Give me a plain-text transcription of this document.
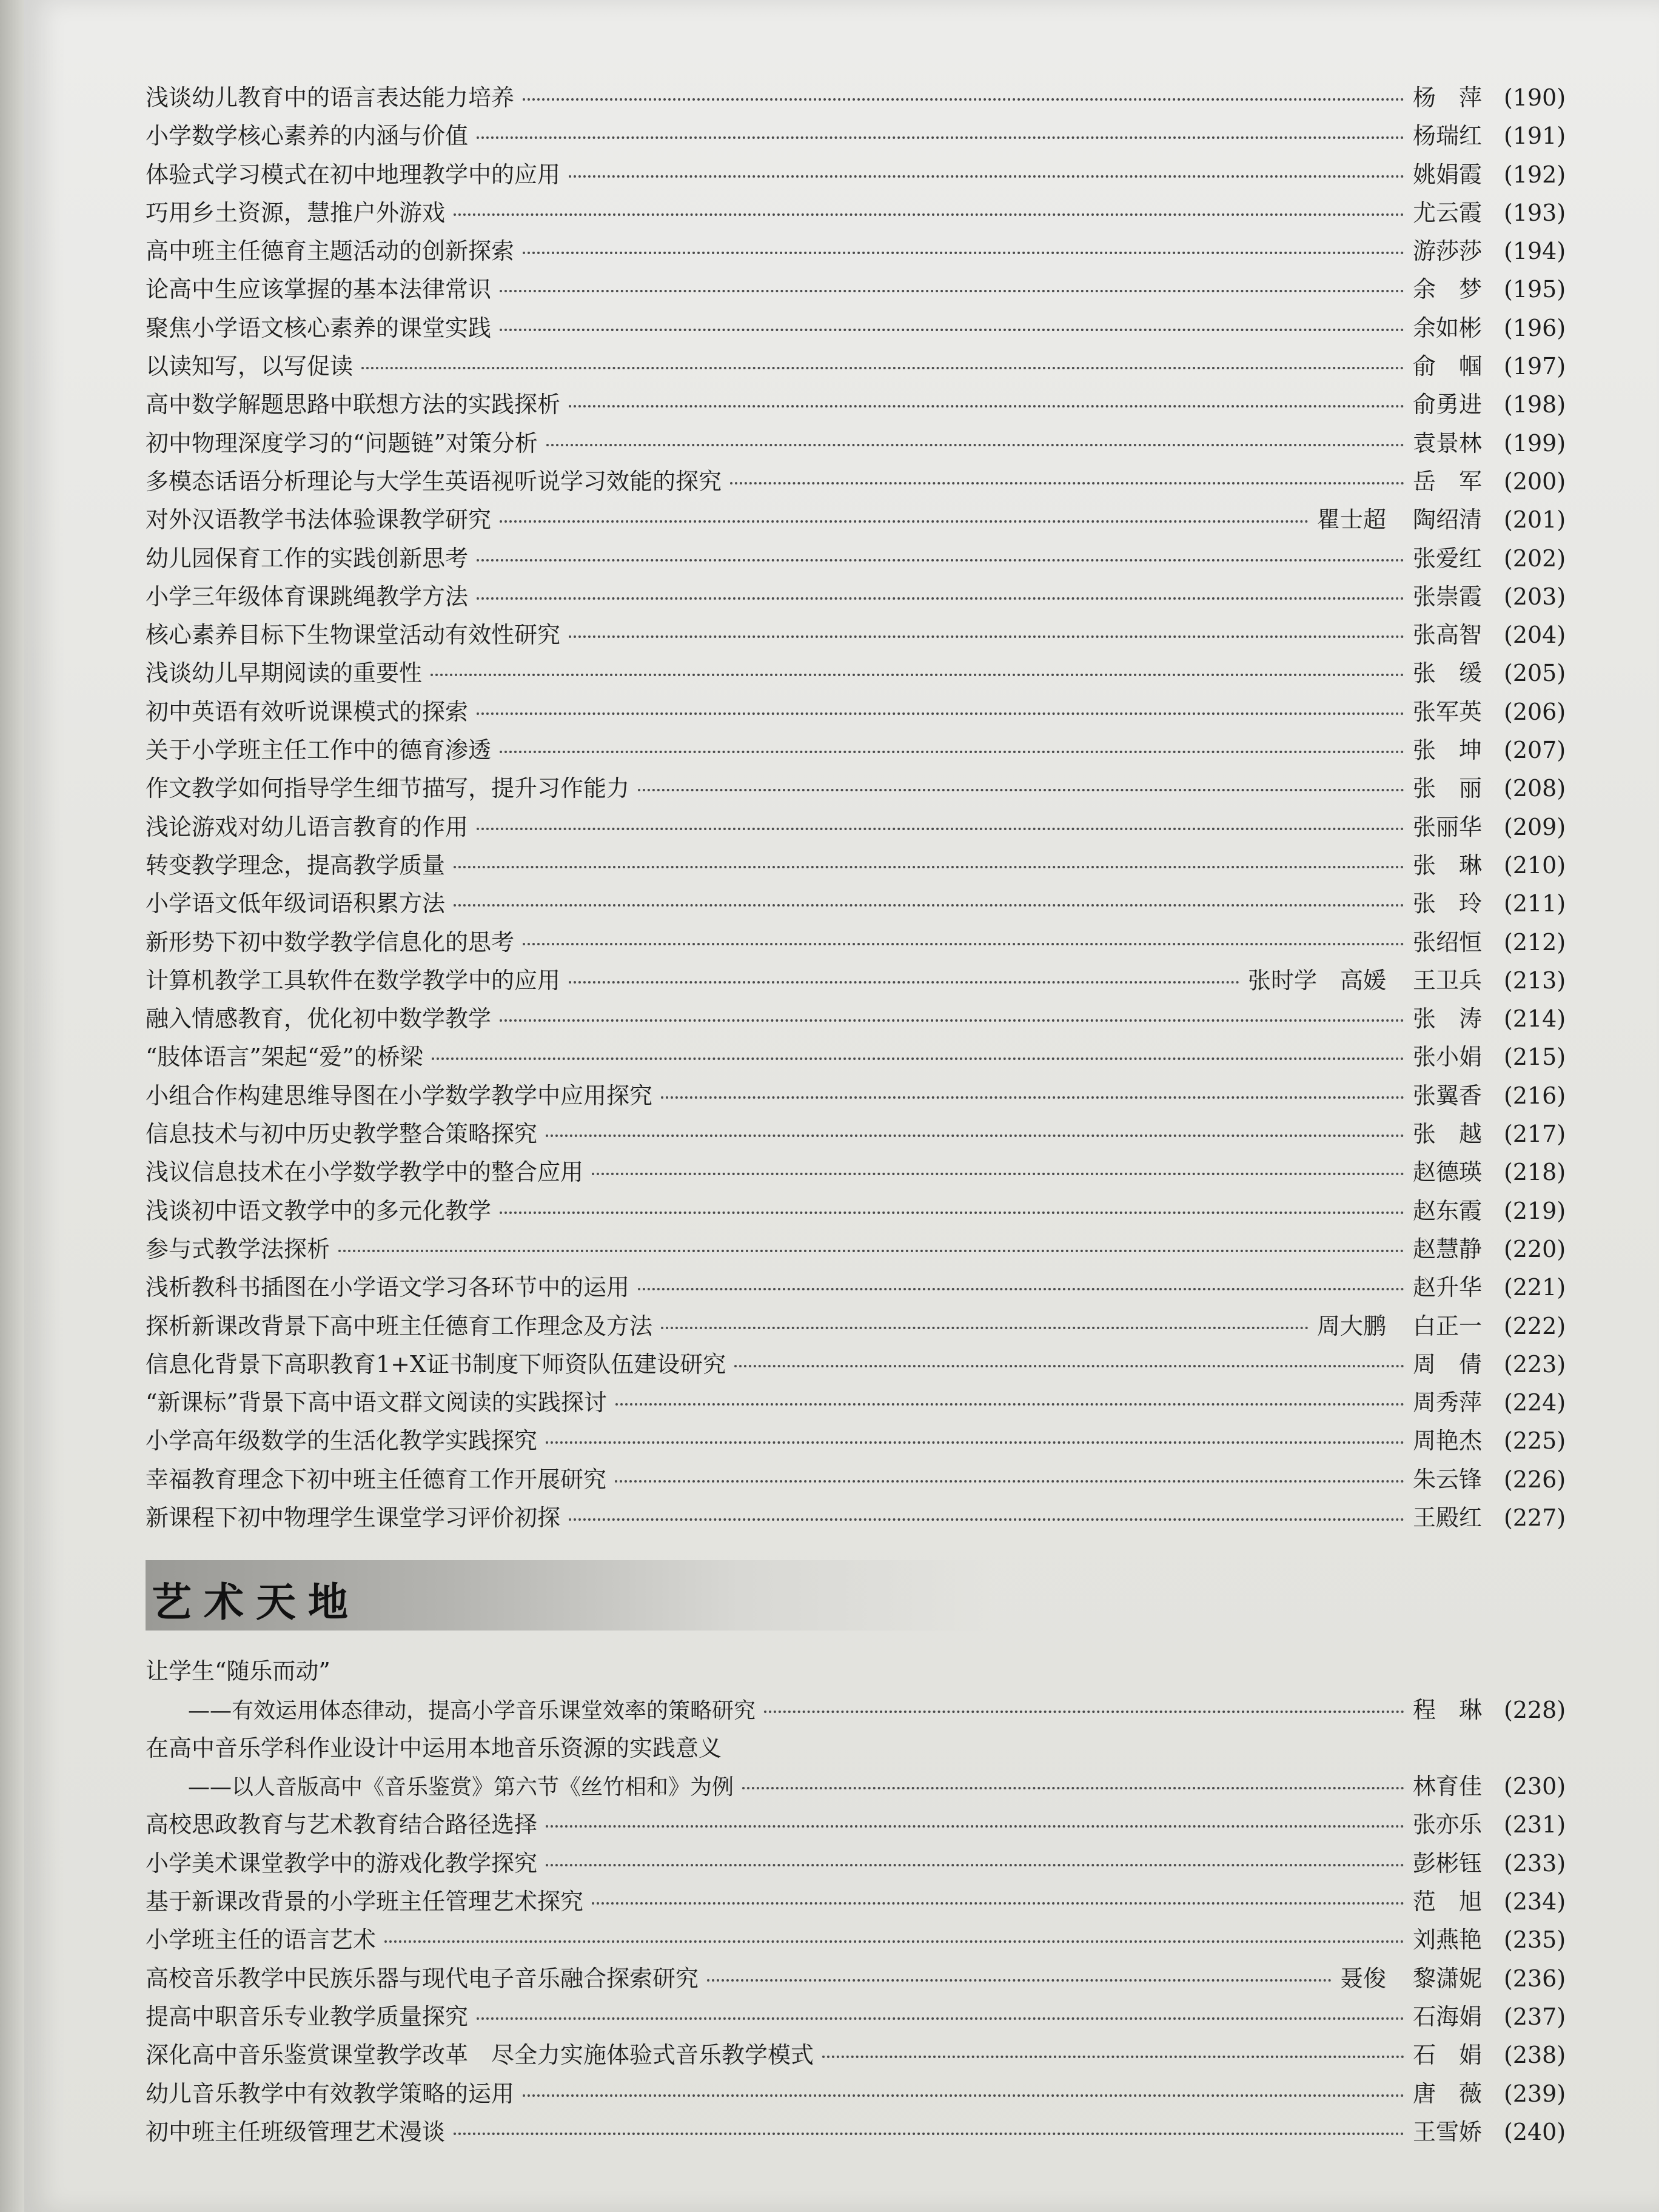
浅谈幼儿教育中的语言表达能力培养	杨　萍 (190)
小学数学核心素养的内涵与价值	杨瑞红 (191)
体验式学习模式在初中地理教学中的应用	姚娟霞 (192)
巧用乡土资源，慧推户外游戏	尤云霞 (193)
高中班主任德育主题活动的创新探索	游莎莎 (194)
论高中生应该掌握的基本法律常识	余　梦 (195)
聚焦小学语文核心素养的课堂实践	余如彬 (196)
以读知写，以写促读	俞　帼 (197)
高中数学解题思路中联想方法的实践探析	俞勇进 (198)
初中物理深度学习的“问题链”对策分析	袁景林 (199)
多模态话语分析理论与大学生英语视听说学习效能的探究	岳　军 (200)
对外汉语教学书法体验课教学研究	瞿士超 陶绍清 (201)
幼儿园保育工作的实践创新思考	张爱红 (202)
小学三年级体育课跳绳教学方法	张崇霞 (203)
核心素养目标下生物课堂活动有效性研究	张高智 (204)
浅谈幼儿早期阅读的重要性	张　缓 (205)
初中英语有效听说课模式的探索	张军英 (206)
关于小学班主任工作中的德育渗透	张　坤 (207)
作文教学如何指导学生细节描写，提升习作能力	张　丽 (208)
浅论游戏对幼儿语言教育的作用	张丽华 (209)
转变教学理念，提高教学质量	张　琳 (210)
小学语文低年级词语积累方法	张　玲 (211)
新形势下初中数学教学信息化的思考	张绍恒 (212)
计算机教学工具软件在数学教学中的应用	张时学　高媛 王卫兵 (213)
融入情感教育，优化初中数学教学	张　涛 (214)
“肢体语言”架起“爱”的桥梁	张小娟 (215)
小组合作构建思维导图在小学数学教学中应用探究	张翼香 (216)
信息技术与初中历史教学整合策略探究	张　越 (217)
浅议信息技术在小学数学教学中的整合应用	赵德瑛 (218)
浅谈初中语文教学中的多元化教学	赵东霞 (219)
参与式教学法探析	赵慧静 (220)
浅析教科书插图在小学语文学习各环节中的运用	赵升华 (221)
探析新课改背景下高中班主任德育工作理念及方法	周大鹏 白正一 (222)
信息化背景下高职教育1+X证书制度下师资队伍建设研究	周　倩 (223)
“新课标”背景下高中语文群文阅读的实践探讨	周秀萍 (224)
小学高年级数学的生活化教学实践探究	周艳杰 (225)
幸福教育理念下初中班主任德育工作开展研究	朱云锋 (226)
新课程下初中物理学生课堂学习评价初探	王殿红 (227)
艺术天地
让学生“随乐而动”
——有效运用体态律动，提高小学音乐课堂效率的策略研究	程　琳 (228)
在高中音乐学科作业设计中运用本地音乐资源的实践意义
——以人音版高中《音乐鉴赏》第六节《丝竹相和》为例	林育佳 (230)
高校思政教育与艺术教育结合路径选择	张亦乐 (231)
小学美术课堂教学中的游戏化教学探究	彭彬钰 (233)
基于新课改背景的小学班主任管理艺术探究	范　旭 (234)
小学班主任的语言艺术	刘燕艳 (235)
高校音乐教学中民族乐器与现代电子音乐融合探索研究	聂俊 黎潇妮 (236)
提高中职音乐专业教学质量探究	石海娟 (237)
深化高中音乐鉴赏课堂教学改革　尽全力实施体验式音乐教学模式	石　娟 (238)
幼儿音乐教学中有效教学策略的运用	唐　薇 (239)
初中班主任班级管理艺术漫谈	王雪娇 (240)
